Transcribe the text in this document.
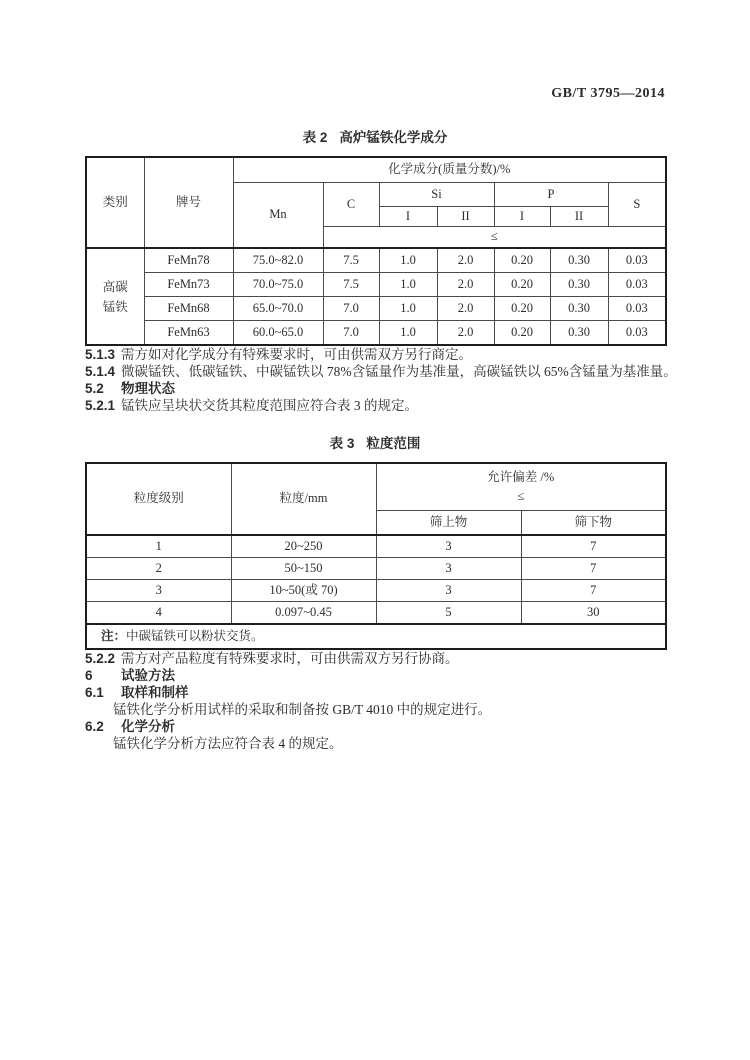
GB/T 3795—2014
表 2 高炉锰铁化学成分
类别	牌号	化学成分(质量分数)/%						
		Mn	C	Si		P		S
				I	II	I	II	
			≤					

高碳
锰铁	FeMn78	75.0~82.0	7.5	1.0	2.0	0.20	0.30	0.03
	FeMn73	70.0~75.0	7.5	1.0	2.0	0.20	0.30	0.03
	FeMn68	65.0~70.0	7.0	1.0	2.0	0.20	0.30	0.03
	FeMn63	60.0~65.0	7.0	1.0	2.0	0.20	0.30	0.03

5.1.3 需方如对化学成分有特殊要求时，可由供需双方另行商定。

5.1.4 微碳锰铁、低碳锰铁、中碳锰铁以 78%含锰量作为基准量，高碳锰铁以 65%含锰量为基准量。

5.2 物理状态

5.2.1 锰铁应呈块状交货其粒度范围应符合表 3 的规定。

表 3 粒度范围
粒度级别	粒度/mm	允许偏差 /%
≤	

		筛上物	筛下物
1	20~250	3	7
2	50~150	3	7
3	10~50(或 70)	3	7
4	0.097~0.45	5	30
注：中碳锰铁可以粉状交货。			

5.2.2 需方对产品粒度有特殊要求时，可由供需双方另行协商。

6 试验方法

6.1 取样和制样

锰铁化学分析用试样的采取和制备按 GB/T 4010 中的规定进行。

6.2 化学分析

锰铁化学分析方法应符合表 4 的规定。
